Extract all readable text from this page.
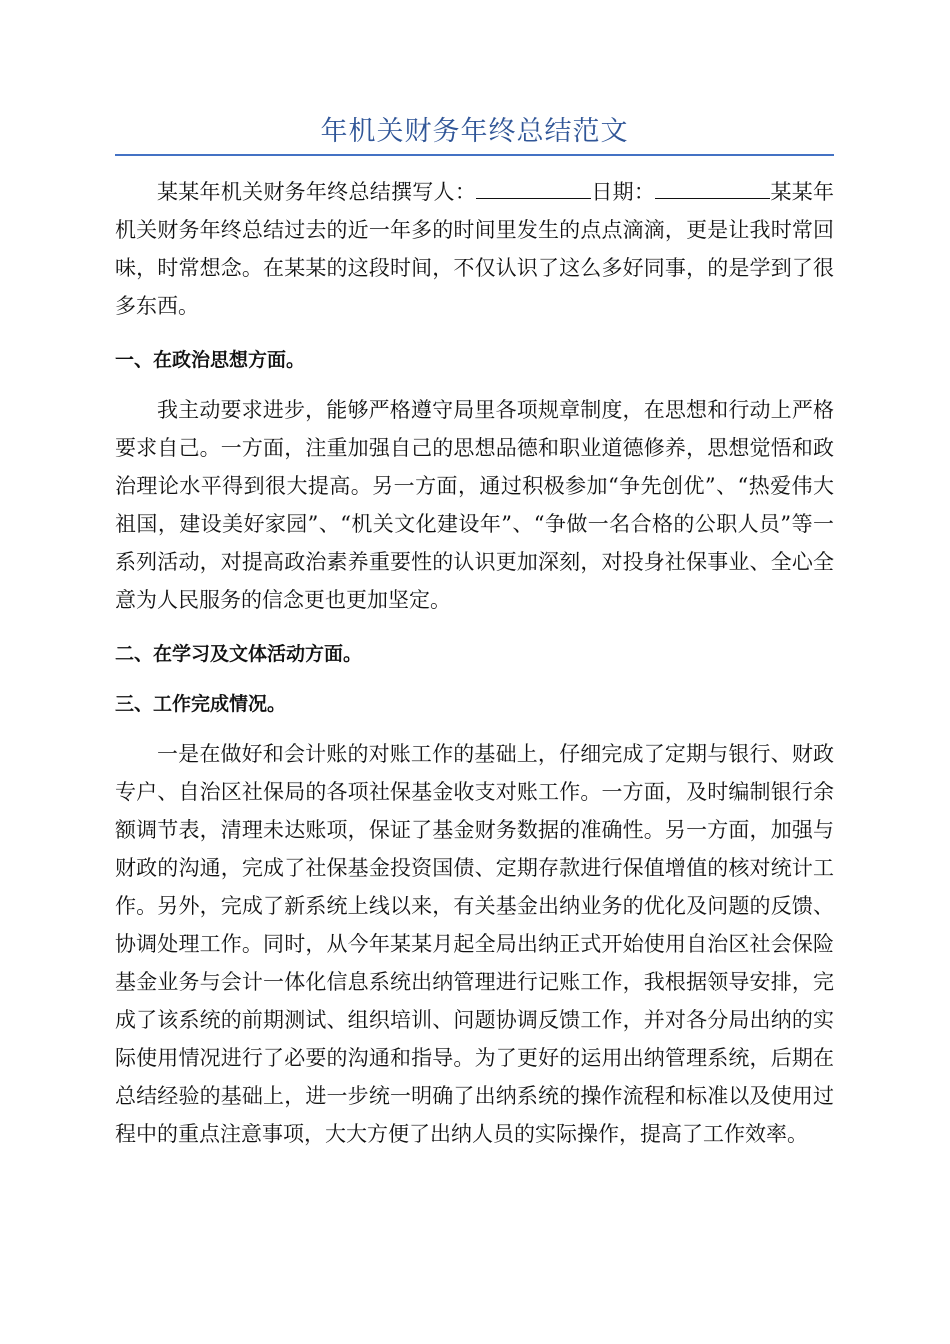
年机关财务年终总结范文

某某年机关财务年终总结撰写人：	日期：	某某年机关财务年终总结过去的近一年多的时间里发生的点点滴滴，更是让我时常回味，时常想念。在某某的这段时间，不仅认识了这么多好同事，的是学到了很多东西。

一、在政治思想方面。

我主动要求进步，能够严格遵守局里各项规章制度，在思想和行动上严格要求自己。一方面，注重加强自己的思想品德和职业道德修养，思想觉悟和政治理论水平得到很大提高。另一方面，通过积极参加“争先创优”、“热爱伟大祖国，建设美好家园”、“机关文化建设年”、“争做一名合格的公职人员”等一系列活动，对提高政治素养重要性的认识更加深刻，对投身社保事业、全心全意为人民服务的信念更也更加坚定。

二、在学习及文体活动方面。
三、工作完成情况。

一是在做好和会计账的对账工作的基础上，仔细完成了定期与银行、财政专户、自治区社保局的各项社保基金收支对账工作。一方面，及时编制银行余额调节表，清理未达账项，保证了基金财务数据的准确性。另一方面，加强与财政的沟通，完成了社保基金投资国债、定期存款进行保值增值的核对统计工作。另外，完成了新系统上线以来，有关基金出纳业务的优化及问题的反馈、协调处理工作。同时，从今年某某月起全局出纳正式开始使用自治区社会保险基金业务与会计一体化信息系统出纳管理进行记账工作，我根据领导安排，完成了该系统的前期测试、组织培训、问题协调反馈工作，并对各分局出纳的实际使用情况进行了必要的沟通和指导。为了更好的运用出纳管理系统，后期在总结经验的基础上，进一步统一明确了出纳系统的操作流程和标准以及使用过程中的重点注意事项，大大方便了出纳人员的实际操作，提高了工作效率。
